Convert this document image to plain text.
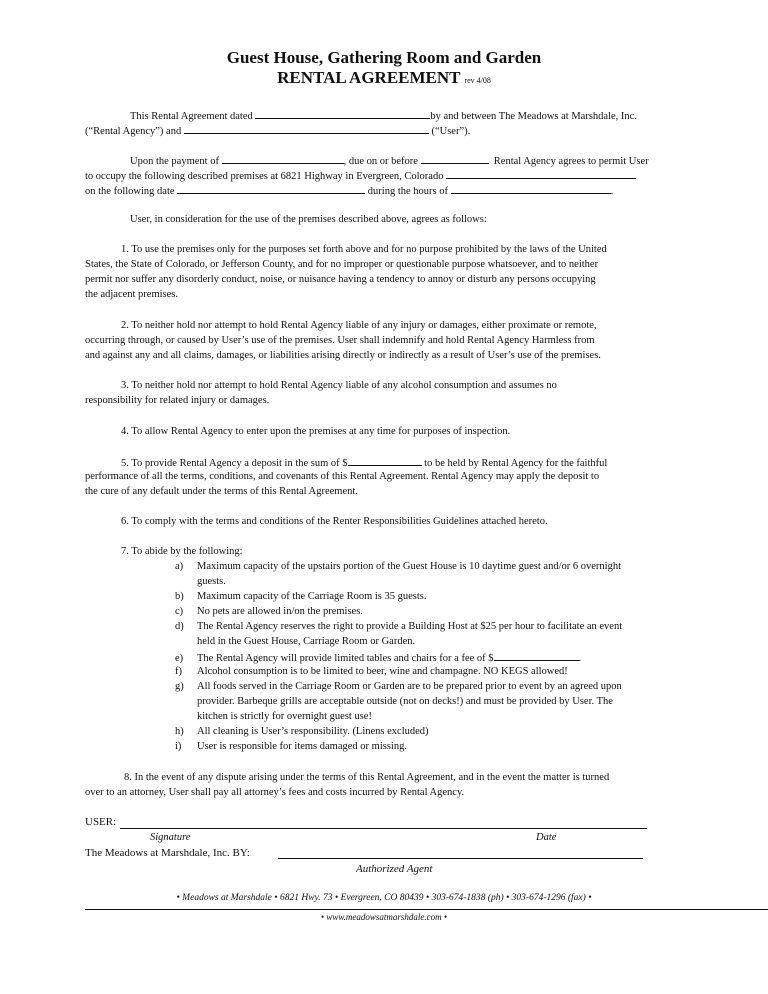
Guest House, Gathering Room and Garden
RENTAL AGREEMENT rev 4/08
This Rental Agreement dated	by and between The Meadows at Marshdale, Inc.
(“Rental Agency”) and	(“User”).
Upon the payment of	, due on or before	Rental Agency agrees to permit User
to occupy the following described premises at 6821 Highway in Evergreen, Colorado
on the following date	during the hours of	.
User, in consideration for the use of the premises described above, agrees as follows:
1. To use the premises only for the purposes set forth above and for no purpose prohibited by the laws of the United
States, the State of Colorado, or Jefferson County, and for no improper or questionable purpose whatsoever, and to neither
permit nor suffer any disorderly conduct, noise, or nuisance having a tendency to annoy or disturb any persons occupying
the adjacent premises.
2. To neither hold nor attempt to hold Rental Agency liable of any injury or damages, either proximate or remote,
occurring through, or caused by User’s use of the premises. User shall indemnify and hold Rental Agency Harmless from
and against any and all claims, damages, or liabilities arising directly or indirectly as a result of User’s use of the premises.
3. To neither hold nor attempt to hold Rental Agency liable of any alcohol consumption and assumes no
responsibility for related injury or damages.
4. To allow Rental Agency to enter upon the premises at any time for purposes of inspection.
5. To provide Rental Agency a deposit in the sum of $	to be held by Rental Agency for the faithful
performance of all the terms, conditions, and covenants of this Rental Agreement. Rental Agency may apply the deposit to
the cure of any default under the terms of this Rental Agreement.
6. To comply with the terms and conditions of the Renter Responsibilities Guidelines attached hereto.
7. To abide by the following:
a) Maximum capacity of the upstairs portion of the Guest House is 10 daytime guest and/or 6 overnight
guests.
b) Maximum capacity of the Carriage Room is 35 guests.
c) No pets are allowed in/on the premises.
d) The Rental Agency reserves the right to provide a Building Host at $25 per hour to facilitate an event
held in the Guest House, Carriage Room or Garden.
e) The Rental Agency will provide limited tables and chairs for a fee of $	.
f) Alcohol consumption is to be limited to beer, wine and champagne. NO KEGS allowed!
g) All foods served in the Carriage Room or Garden are to be prepared prior to event by an agreed upon
provider. Barbeque grills are acceptable outside (not on decks!) and must be provided by User. The
kitchen is strictly for overnight guest use!
h) All cleaning is User’s responsibility. (Linens excluded)
i) User is responsible for items damaged or missing.
8. In the event of any dispute arising under the terms of this Rental Agreement, and in the event the matter is turned
over to an attorney, User shall pay all attorney’s fees and costs incurred by Rental Agency.
USER:
Signature	Date
The Meadows at Marshdale, Inc. BY:
Authorized Agent
• Meadows at Marshdale • 6821 Hwy. 73 • Evergreen, CO 80439 • 303-674-1838 (ph) • 303-674-1296 (fax) •
• www.meadowsatmarshdale.com •
